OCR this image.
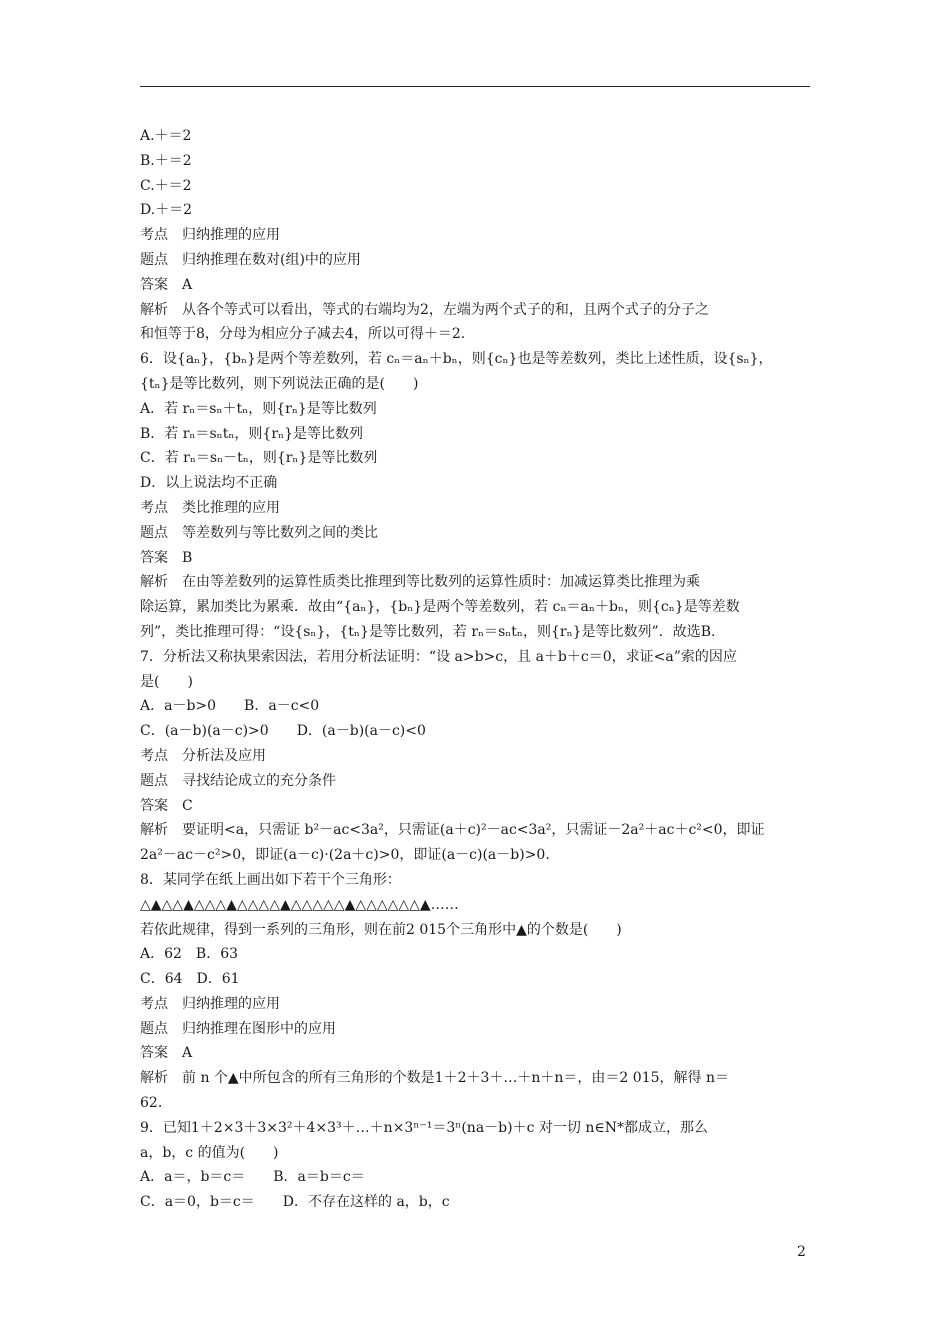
A.＋＝2
B.＋＝2
C.＋＝2
D.＋＝2
考点　归纳推理的应用
题点　归纳推理在数对(组)中的应用
答案　A
解析　从各个等式可以看出，等式的右端均为2，左端为两个式子的和，且两个式子的分子之
和恒等于8，分母为相应分子减去4，所以可得＋＝2.
6．设{aₙ}，{bₙ}是两个等差数列，若 cₙ＝aₙ＋bₙ，则{cₙ}也是等差数列，类比上述性质，设{sₙ}，
{tₙ}是等比数列，则下列说法正确的是(　　)
A．若 rₙ＝sₙ＋tₙ，则{rₙ}是等比数列
B．若 rₙ＝sₙtₙ，则{rₙ}是等比数列
C．若 rₙ＝sₙ－tₙ，则{rₙ}是等比数列
D．以上说法均不正确
考点　类比推理的应用
题点　等差数列与等比数列之间的类比
答案　B
解析　在由等差数列的运算性质类比推理到等比数列的运算性质时：加减运算类比推理为乘
除运算，累加类比为累乘．故由“{aₙ}，{bₙ}是两个等差数列，若 cₙ＝aₙ＋bₙ，则{cₙ}是等差数
列”，类比推理可得：“设{sₙ}，{tₙ}是等比数列，若 rₙ＝sₙtₙ，则{rₙ}是等比数列”．故选B.
7．分析法又称执果索因法，若用分析法证明：“设 a>b>c，且 a＋b＋c＝0，求证<a”索的因应
是(　　)
A．a－b>0　　B．a－c<0
C．(a－b)(a－c)>0　　D．(a－b)(a－c)<0
考点　分析法及应用
题点　寻找结论成立的充分条件
答案　C
解析　要证明<a，只需证 b²－ac<3a²，只需证(a＋c)²－ac<3a²，只需证－2a²＋ac＋c²<0，即证
2a²－ac－c²>0，即证(a－c)·(2a＋c)>0，即证(a－c)(a－b)>0.
8．某同学在纸上画出如下若干个三角形：
△▲△△▲△△△▲△△△△▲△△△△△▲△△△△△△▲……
若依此规律，得到一系列的三角形，则在前2 015个三角形中▲的个数是(　　)
A．62　B．63
C．64　D．61
考点　归纳推理的应用
题点　归纳推理在图形中的应用
答案　A
解析　前 n 个▲中所包含的所有三角形的个数是1＋2＋3＋…＋n＋n＝，由＝2 015，解得 n＝
62.
9．已知1＋2×3＋3×3²＋4×3³＋…＋n×3ⁿ⁻¹＝3ⁿ(na－b)＋c 对一切 n∈N*都成立，那么
a，b，c 的值为(　　)
A．a＝，b＝c＝　　B．a＝b＝c＝
C．a＝0，b＝c＝　　D．不存在这样的 a，b，c
2
